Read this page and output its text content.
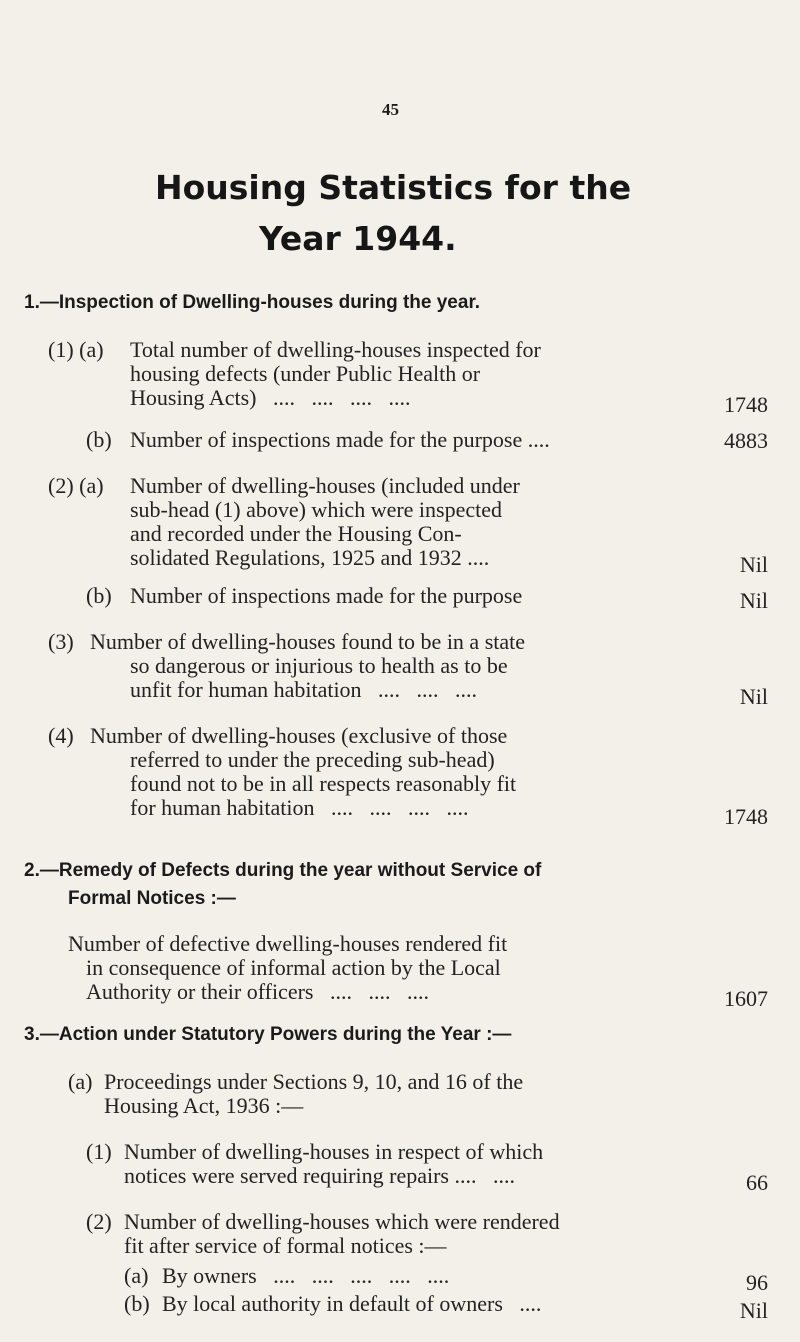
45
Housing Statistics for the
Year 1944.
1.—Inspection of Dwelling-houses during the year.
(1) (a) Total number of dwelling-houses inspected for
housing defects (under Public Health or
Housing Acts)   ....   ....   ....   ....	1748
(b) Number of inspections made for the purpose ....	4883
(2) (a) Number of dwelling-houses (included under
sub-head (1) above) which were inspected
and recorded under the Housing Con-
solidated Regulations, 1925 and 1932 ....	Nil
(b) Number of inspections made for the purpose	Nil
(3) Number of dwelling-houses found to be in a state
so dangerous or injurious to health as to be
unfit for human habitation   ....   ....   ....	Nil
(4) Number of dwelling-houses (exclusive of those
referred to under the preceding sub-head)
found not to be in all respects reasonably fit
for human habitation   ....   ....   ....   ....	1748
2.—Remedy of Defects during the year without Service of
Formal Notices :—
Number of defective dwelling-houses rendered fit
in consequence of informal action by the Local
Authority or their officers   ....   ....   ....	1607
3.—Action under Statutory Powers during the Year :—
(a) Proceedings under Sections 9, 10, and 16 of the
Housing Act, 1936 :—
(1) Number of dwelling-houses in respect of which
notices were served requiring repairs ....   ....	66
(2) Number of dwelling-houses which were rendered
fit after service of formal notices :—
(a) By owners   ....   ....   ....   ....   ....	96
(b) By local authority in default of owners   ....	Nil
